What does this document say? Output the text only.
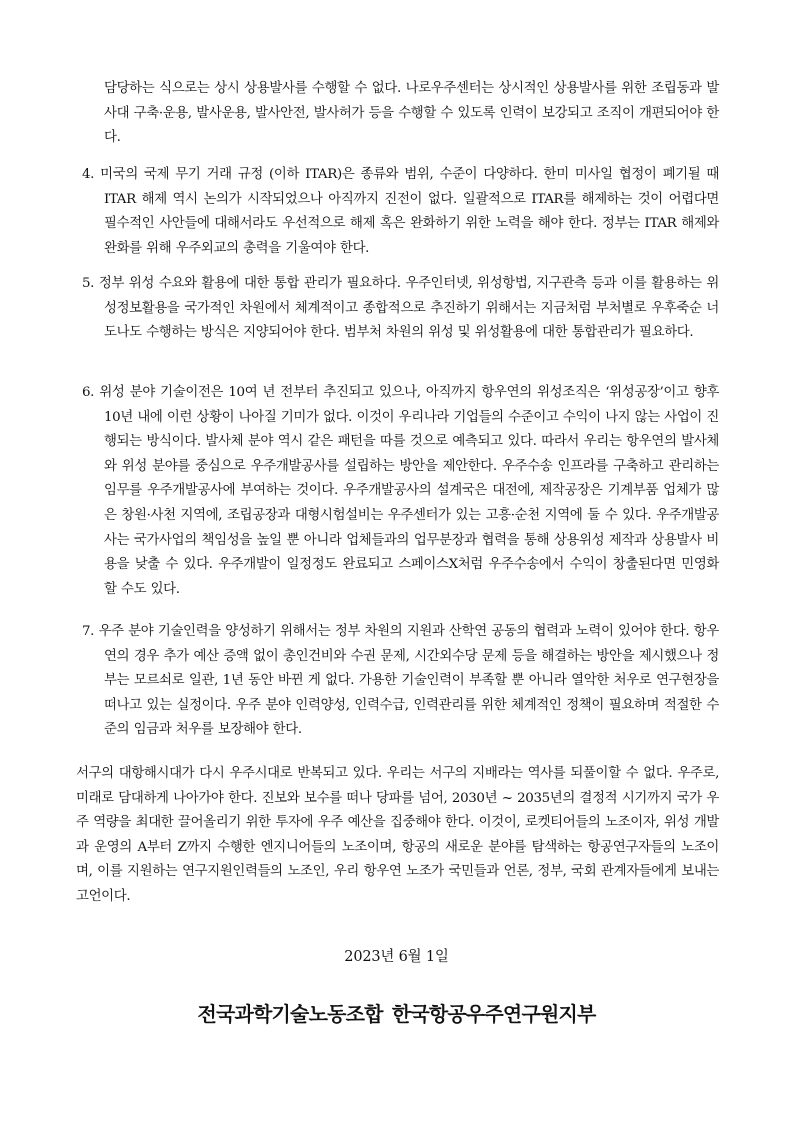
담당하는 식으로는 상시 상용발사를 수행할 수 없다. 나로우주센터는 상시적인 상용발사를 위한 조립동과 발사대 구축·운용, 발사운용, 발사안전, 발사허가 등을 수행할 수 있도록 인력이 보강되고 조직이 개편되어야 한다.

4. 미국의 국제 무기 거래 규정 (이하 ITAR)은 종류와 범위, 수준이 다양하다. 한미 미사일 협정이 폐기될 때 ITAR 해제 역시 논의가 시작되었으나 아직까지 진전이 없다. 일괄적으로 ITAR를 해제하는 것이 어렵다면 필수적인 사안들에 대해서라도 우선적으로 해제 혹은 완화하기 위한 노력을 해야 한다. 정부는 ITAR 해제와 완화를 위해 우주외교의 총력을 기울여야 한다.

5. 정부 위성 수요와 활용에 대한 통합 관리가 필요하다. 우주인터넷, 위성항법, 지구관측 등과 이를 활용하는 위성정보활용을 국가적인 차원에서 체계적이고 종합적으로 추진하기 위해서는 지금처럼 부처별로 우후죽순 너도나도 수행하는 방식은 지양되어야 한다. 범부처 차원의 위성 및 위성활용에 대한 통합관리가 필요하다.

6. 위성 분야 기술이전은 10여 년 전부터 추진되고 있으나, 아직까지 항우연의 위성조직은 ‘위성공장’이고 향후 10년 내에 이런 상황이 나아질 기미가 없다. 이것이 우리나라 기업들의 수준이고 수익이 나지 않는 사업이 진행되는 방식이다. 발사체 분야 역시 같은 패턴을 따를 것으로 예측되고 있다. 따라서 우리는 항우연의 발사체와 위성 분야를 중심으로 우주개발공사를 설립하는 방안을 제안한다. 우주수송 인프라를 구축하고 관리하는 임무를 우주개발공사에 부여하는 것이다. 우주개발공사의 설계국은 대전에, 제작공장은 기계부품 업체가 많은 창원·사천 지역에, 조립공장과 대형시험설비는 우주센터가 있는 고흥·순천 지역에 둘 수 있다. 우주개발공사는 국가사업의 책임성을 높일 뿐 아니라 업체들과의 업무분장과 협력을 통해 상용위성 제작과 상용발사 비용을 낮출 수 있다. 우주개발이 일정정도 완료되고 스페이스X처럼 우주수송에서 수익이 창출된다면 민영화할 수도 있다.

7. 우주 분야 기술인력을 양성하기 위해서는 정부 차원의 지원과 산학연 공동의 협력과 노력이 있어야 한다. 항우연의 경우 추가 예산 증액 없이 총인건비와 수권 문제, 시간외수당 문제 등을 해결하는 방안을 제시했으나 정부는 모르쇠로 일관, 1년 동안 바뀐 게 없다. 가용한 기술인력이 부족할 뿐 아니라 열악한 처우로 연구현장을 떠나고 있는 실정이다. 우주 분야 인력양성, 인력수급, 인력관리를 위한 체계적인 정책이 필요하며 적절한 수준의 임금과 처우를 보장해야 한다.

서구의 대항해시대가 다시 우주시대로 반복되고 있다. 우리는 서구의 지배라는 역사를 되풀이할 수 없다. 우주로, 미래로 담대하게 나아가야 한다. 진보와 보수를 떠나 당파를 넘어, 2030년 ~ 2035년의 결정적 시기까지 국가 우주 역량을 최대한 끌어올리기 위한 투자에 우주 예산을 집중해야 한다. 이것이, 로켓티어들의 노조이자, 위성 개발과 운영의 A부터 Z까지 수행한 엔지니어들의 노조이며, 항공의 새로운 분야를 탐색하는 항공연구자들의 노조이며, 이를 지원하는 연구지원인력들의 노조인, 우리 항우연 노조가 국민들과 언론, 정부, 국회 관계자들에게 보내는 고언이다.

2023년 6월 1일
전국과학기술노동조합 한국항공우주연구원지부
